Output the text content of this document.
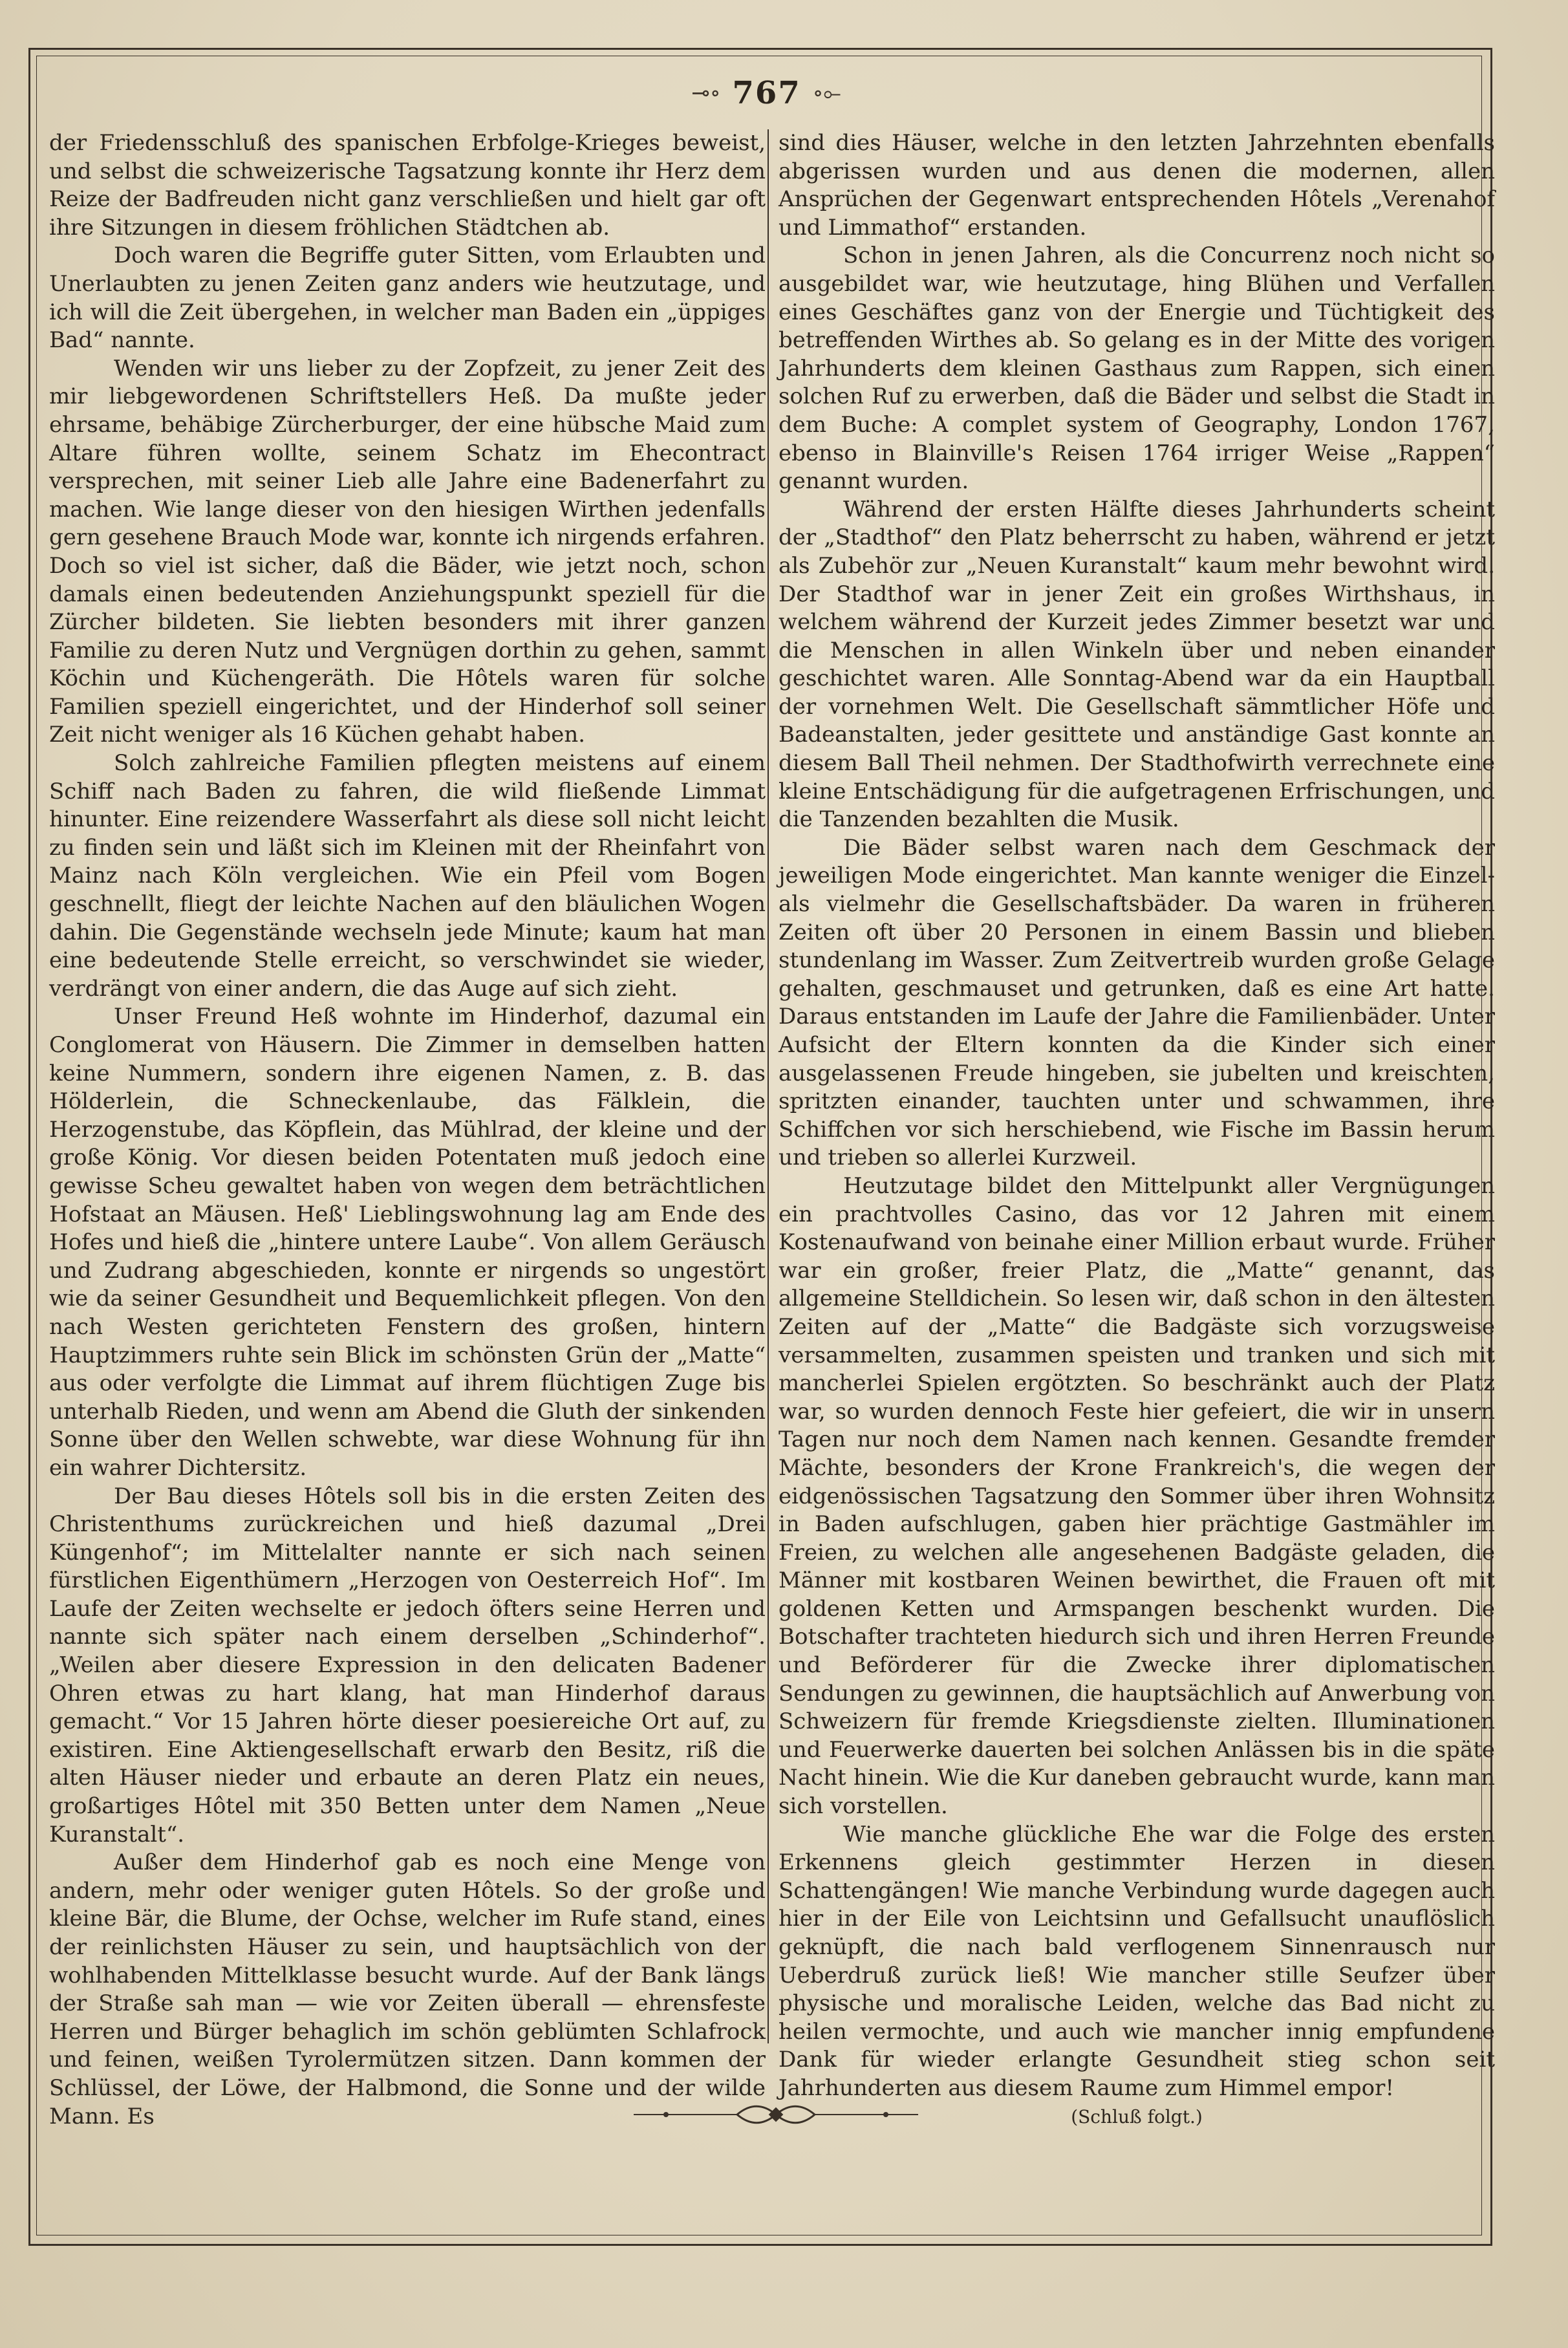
⊸∘ 767 ∘⟜

der Friedensschluß des spanischen Erbfolge-Krieges beweist, und selbst die schweizerische Tagsatzung konnte ihr Herz dem Reize der Badfreuden nicht ganz verschließen und hielt gar oft ihre Sitzungen in diesem fröhlichen Städtchen ab.

Doch waren die Begriffe guter Sitten, vom Erlaubten und Unerlaubten zu jenen Zeiten ganz anders wie heutzutage, und ich will die Zeit übergehen, in welcher man Baden ein „üppiges Bad“ nannte.

Wenden wir uns lieber zu der Zopfzeit, zu jener Zeit des mir liebgewordenen Schriftstellers Heß. Da mußte jeder ehrsame, behäbige Zürcherburger, der eine hübsche Maid zum Altare führen wollte, seinem Schatz im Ehecontract versprechen, mit seiner Lieb alle Jahre eine Badenerfahrt zu machen. Wie lange dieser von den hiesigen Wirthen jedenfalls gern gesehene Brauch Mode war, konnte ich nirgends erfahren. Doch so viel ist sicher, daß die Bäder, wie jetzt noch, schon damals einen bedeutenden Anziehungspunkt speziell für die Zürcher bildeten. Sie liebten besonders mit ihrer ganzen Familie zu deren Nutz und Vergnügen dorthin zu gehen, sammt Köchin und Küchengeräth. Die Hôtels waren für solche Familien speziell eingerichtet, und der Hinderhof soll seiner Zeit nicht weniger als 16 Küchen gehabt haben.

Solch zahlreiche Familien pflegten meistens auf einem Schiff nach Baden zu fahren, die wild fließende Limmat hinunter. Eine reizendere Wasserfahrt als diese soll nicht leicht zu finden sein und läßt sich im Kleinen mit der Rheinfahrt von Mainz nach Köln vergleichen. Wie ein Pfeil vom Bogen geschnellt, fliegt der leichte Nachen auf den bläulichen Wogen dahin. Die Gegenstände wechseln jede Minute; kaum hat man eine bedeutende Stelle erreicht, so verschwindet sie wieder, verdrängt von einer andern, die das Auge auf sich zieht.

Unser Freund Heß wohnte im Hinderhof, dazumal ein Conglomerat von Häusern. Die Zimmer in demselben hatten keine Nummern, sondern ihre eigenen Namen, z. B. das Hölderlein, die Schneckenlaube, das Fälklein, die Herzogenstube, das Köpflein, das Mühlrad, der kleine und der große König. Vor diesen beiden Potentaten muß jedoch eine gewisse Scheu gewaltet haben von wegen dem beträchtlichen Hofstaat an Mäusen. Heß' Lieblingswohnung lag am Ende des Hofes und hieß die „hintere untere Laube“. Von allem Geräusch und Zudrang abgeschieden, konnte er nirgends so ungestört wie da seiner Gesundheit und Bequemlichkeit pflegen. Von den nach Westen gerichteten Fenstern des großen, hintern Hauptzimmers ruhte sein Blick im schönsten Grün der „Matte“ aus oder verfolgte die Limmat auf ihrem flüchtigen Zuge bis unterhalb Rieden, und wenn am Abend die Gluth der sinkenden Sonne über den Wellen schwebte, war diese Wohnung für ihn ein wahrer Dichtersitz.

Der Bau dieses Hôtels soll bis in die ersten Zeiten des Christenthums zurückreichen und hieß dazumal „Drei Küngenhof“; im Mittelalter nannte er sich nach seinen fürstlichen Eigenthümern „Herzogen von Oesterreich Hof“. Im Laufe der Zeiten wechselte er jedoch öfters seine Herren und nannte sich später nach einem derselben „Schinderhof“. „Weilen aber diesere Expression in den delicaten Badener Ohren etwas zu hart klang, hat man Hinderhof daraus gemacht.“ Vor 15 Jahren hörte dieser poesiereiche Ort auf, zu existiren. Eine Aktiengesellschaft erwarb den Besitz, riß die alten Häuser nieder und erbaute an deren Platz ein neues, großartiges Hôtel mit 350 Betten unter dem Namen „Neue Kuranstalt“.

Außer dem Hinderhof gab es noch eine Menge von andern, mehr oder weniger guten Hôtels. So der große und kleine Bär, die Blume, der Ochse, welcher im Rufe stand, eines der reinlichsten Häuser zu sein, und hauptsächlich von der wohlhabenden Mittelklasse besucht wurde. Auf der Bank längs der Straße sah man — wie vor Zeiten überall — ehrensfeste Herren und Bürger behaglich im schön geblümten Schlafrock und feinen, weißen Tyrolermützen sitzen. Dann kommen der Schlüssel, der Löwe, der Halbmond, die Sonne und der wilde Mann. Es

sind dies Häuser, welche in den letzten Jahrzehnten ebenfalls abgerissen wurden und aus denen die modernen, allen Ansprüchen der Gegenwart entsprechenden Hôtels „Verenahof und Limmathof“ erstanden.

Schon in jenen Jahren, als die Concurrenz noch nicht so ausgebildet war, wie heutzutage, hing Blühen und Verfallen eines Geschäftes ganz von der Energie und Tüchtigkeit des betreffenden Wirthes ab. So gelang es in der Mitte des vorigen Jahrhunderts dem kleinen Gasthaus zum Rappen, sich einen solchen Ruf zu erwerben, daß die Bäder und selbst die Stadt in dem Buche: A complet system of Geography, London 1767, ebenso in Blainville's Reisen 1764 irriger Weise „Rappen“ genannt wurden.

Während der ersten Hälfte dieses Jahrhunderts scheint der „Stadthof“ den Platz beherrscht zu haben, während er jetzt als Zubehör zur „Neuen Kuranstalt“ kaum mehr bewohnt wird. Der Stadthof war in jener Zeit ein großes Wirthshaus, in welchem während der Kurzeit jedes Zimmer besetzt war und die Menschen in allen Winkeln über und neben einander geschichtet waren. Alle Sonntag-Abend war da ein Hauptball der vornehmen Welt. Die Gesellschaft sämmtlicher Höfe und Badeanstalten, jeder gesittete und anständige Gast konnte an diesem Ball Theil nehmen. Der Stadthofwirth verrechnete eine kleine Entschädigung für die aufgetragenen Erfrischungen, und die Tanzenden bezahlten die Musik.

Die Bäder selbst waren nach dem Geschmack der jeweiligen Mode eingerichtet. Man kannte weniger die Einzel- als vielmehr die Gesellschaftsbäder. Da waren in früheren Zeiten oft über 20 Personen in einem Bassin und blieben stundenlang im Wasser. Zum Zeitvertreib wurden große Gelage gehalten, geschmauset und getrunken, daß es eine Art hatte. Daraus entstanden im Laufe der Jahre die Familienbäder. Unter Aufsicht der Eltern konnten da die Kinder sich einer ausgelassenen Freude hingeben, sie jubelten und kreischten, spritzten einander, tauchten unter und schwammen, ihre Schiffchen vor sich herschiebend, wie Fische im Bassin herum und trieben so allerlei Kurzweil.

Heutzutage bildet den Mittelpunkt aller Vergnügungen ein prachtvolles Casino, das vor 12 Jahren mit einem Kostenaufwand von beinahe einer Million erbaut wurde. Früher war ein großer, freier Platz, die „Matte“ genannt, das allgemeine Stelldichein. So lesen wir, daß schon in den ältesten Zeiten auf der „Matte“ die Badgäste sich vorzugsweise versammelten, zusammen speisten und tranken und sich mit mancherlei Spielen ergötzten. So beschränkt auch der Platz war, so wurden dennoch Feste hier gefeiert, die wir in unsern Tagen nur noch dem Namen nach kennen. Gesandte fremder Mächte, besonders der Krone Frankreich's, die wegen der eidgenössischen Tagsatzung den Sommer über ihren Wohnsitz in Baden aufschlugen, gaben hier prächtige Gastmähler im Freien, zu welchen alle angesehenen Badgäste geladen, die Männer mit kostbaren Weinen bewirthet, die Frauen oft mit goldenen Ketten und Armspangen beschenkt wurden. Die Botschafter trachteten hiedurch sich und ihren Herren Freunde und Beförderer für die Zwecke ihrer diplomatischen Sendungen zu gewinnen, die hauptsächlich auf Anwerbung von Schweizern für fremde Kriegsdienste zielten. Illuminationen und Feuerwerke dauerten bei solchen Anlässen bis in die späte Nacht hinein. Wie die Kur daneben gebraucht wurde, kann man sich vorstellen.

Wie manche glückliche Ehe war die Folge des ersten Erkennens gleich gestimmter Herzen in diesen Schattengängen! Wie manche Verbindung wurde dagegen auch hier in der Eile von Leichtsinn und Gefallsucht unauflöslich geknüpft, die nach bald verflogenem Sinnenrausch nur Ueberdruß zurück ließ! Wie mancher stille Seufzer über physische und moralische Leiden, welche das Bad nicht zu heilen vermochte, und auch wie mancher innig empfundene Dank für wieder erlangte Gesundheit stieg schon seit Jahrhunderten aus diesem Raume zum Himmel empor!

(Schluß folgt.)
